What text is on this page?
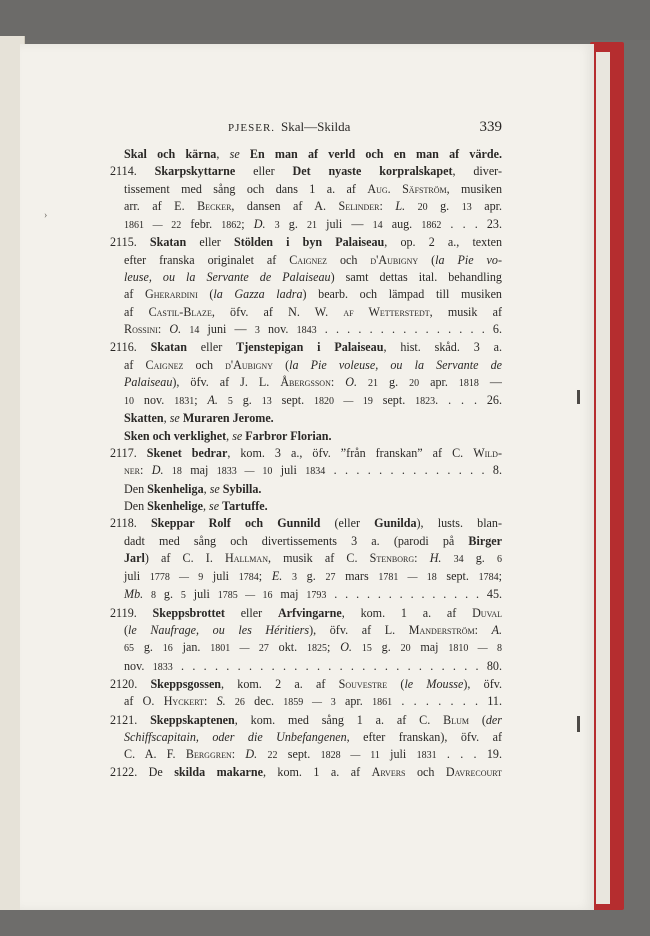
›
PJESER. Skal—Skilda	339
Skal och kärna, se En man af verld och en man af värde.
2114. Skarpskyttarne eller Det nyaste korpralskapet, diver-
tissement med sång och dans 1 a. af Aug. Säfström, musiken
arr. af E. Becker, dansen af A. Selinder: L. 20 g. 13 apr.
1861 — 22 febr. 1862; D. 3 g. 21 juli — 14 aug. 1862 . . . 23.
2115. Skatan eller Stölden i byn Palaiseau, op. 2 a., texten
efter franska originalet af Caignez och d'Aubigny (la Pie vo-
leuse, ou la Servante de Palaiseau) samt dettas ital. behandling
af Gherardini (la Gazza ladra) bearb. och lämpad till musiken
af Castil-Blaze, öfv. af N. W. af Wetterstedt, musik af
Rossini: O. 14 juni — 3 nov. 1843 . . . . . . . . . . . . . . . 6.
2116. Skatan eller Tjenstepigan i Palaiseau, hist. skåd. 3 a.
af Caignez och d'Aubigny (la Pie voleuse, ou la Servante de
Palaiseau), öfv. af J. L. Åbergsson: O. 21 g. 20 apr. 1818 —
10 nov. 1831; A. 5 g. 13 sept. 1820 — 19 sept. 1823. . . . 26.
Skatten, se Muraren Jerome.
Sken och verklighet, se Farbror Florian.
2117. Skenet bedrar, kom. 3 a., öfv. ”från franskan” af C. Wild-
ner: D. 18 maj 1833 — 10 juli 1834 . . . . . . . . . . . . . . 8.
Den Skenheliga, se Sybilla.
Den Skenhelige, se Tartuffe.
2118. Skeppar Rolf och Gunnild (eller Gunilda), lusts. blan-
dadt med sång och divertissements 3 a. (parodi på Birger
Jarl) af C. I. Hallman, musik af C. Stenborg: H. 34 g. 6
juli 1778 — 9 juli 1784; E. 3 g. 27 mars 1781 — 18 sept. 1784;
Mb. 8 g. 5 juli 1785 — 16 maj 1793 . . . . . . . . . . . . . . 45.
2119. Skeppsbrottet eller Arfvingarne, kom. 1 a. af Duval
(le Naufrage, ou les Héritiers), öfv. af L. Manderström: A.
65 g. 16 jan. 1801 — 27 okt. 1825; O. 15 g. 20 maj 1810 — 8
nov. 1833 . . . . . . . . . . . . . . . . . . . . . . . . . . . 80.
2120. Skeppsgossen, kom. 2 a. af Souvestre (le Mousse), öfv.
af O. Hyckert: S. 26 dec. 1859 — 3 apr. 1861 . . . . . . . 11.
2121. Skeppskaptenen, kom. med sång 1 a. af C. Blum (der
Schiffscapitain, oder die Unbefangenen, efter franskan), öfv. af
C. A. F. Berggren: D. 22 sept. 1828 — 11 juli 1831 . . . 19.
2122. De skilda makarne, kom. 1 a. af Arvers och Davrecourt
